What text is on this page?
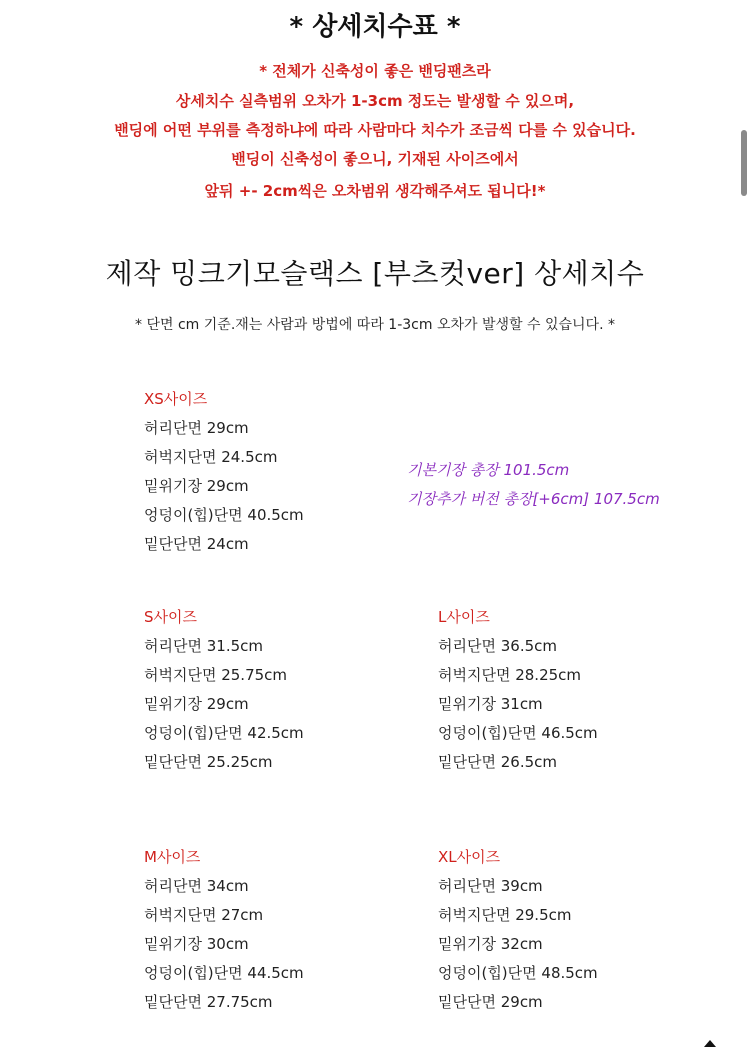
* 상세치수표 *
* 전체가 신축성이 좋은 밴딩팬츠라
상세치수 실측범위 오차가 1-3cm 정도는 발생할 수 있으며,
밴딩에 어떤 부위를 측정하냐에 따라 사람마다 치수가 조금씩 다를 수 있습니다.
밴딩이 신축성이 좋으니, 기재된 사이즈에서
앞뒤 +- 2cm씩은 오차범위 생각해주셔도 됩니다!*
제작 밍크기모슬랙스 [부츠컷ver] 상세치수
* 단면 cm 기준.재는 사람과 방법에 따라 1-3cm 오차가 발생할 수 있습니다. *
XS사이즈
허리단면 29cm
허벅지단면 24.5cm
밑위기장 29cm
엉덩이(힙)단면 40.5cm
밑단단면 24cm
기본기장 총장 101.5cm
기장추가 버전 총장[+6cm] 107.5cm
S사이즈
허리단면 31.5cm
허벅지단면 25.75cm
밑위기장 29cm
엉덩이(힙)단면 42.5cm
밑단단면 25.25cm
L사이즈
허리단면 36.5cm
허벅지단면 28.25cm
밑위기장 31cm
엉덩이(힙)단면 46.5cm
밑단단면 26.5cm
M사이즈
허리단면 34cm
허벅지단면 27cm
밑위기장 30cm
엉덩이(힙)단면 44.5cm
밑단단면 27.75cm
XL사이즈
허리단면 39cm
허벅지단면 29.5cm
밑위기장 32cm
엉덩이(힙)단면 48.5cm
밑단단면 29cm
